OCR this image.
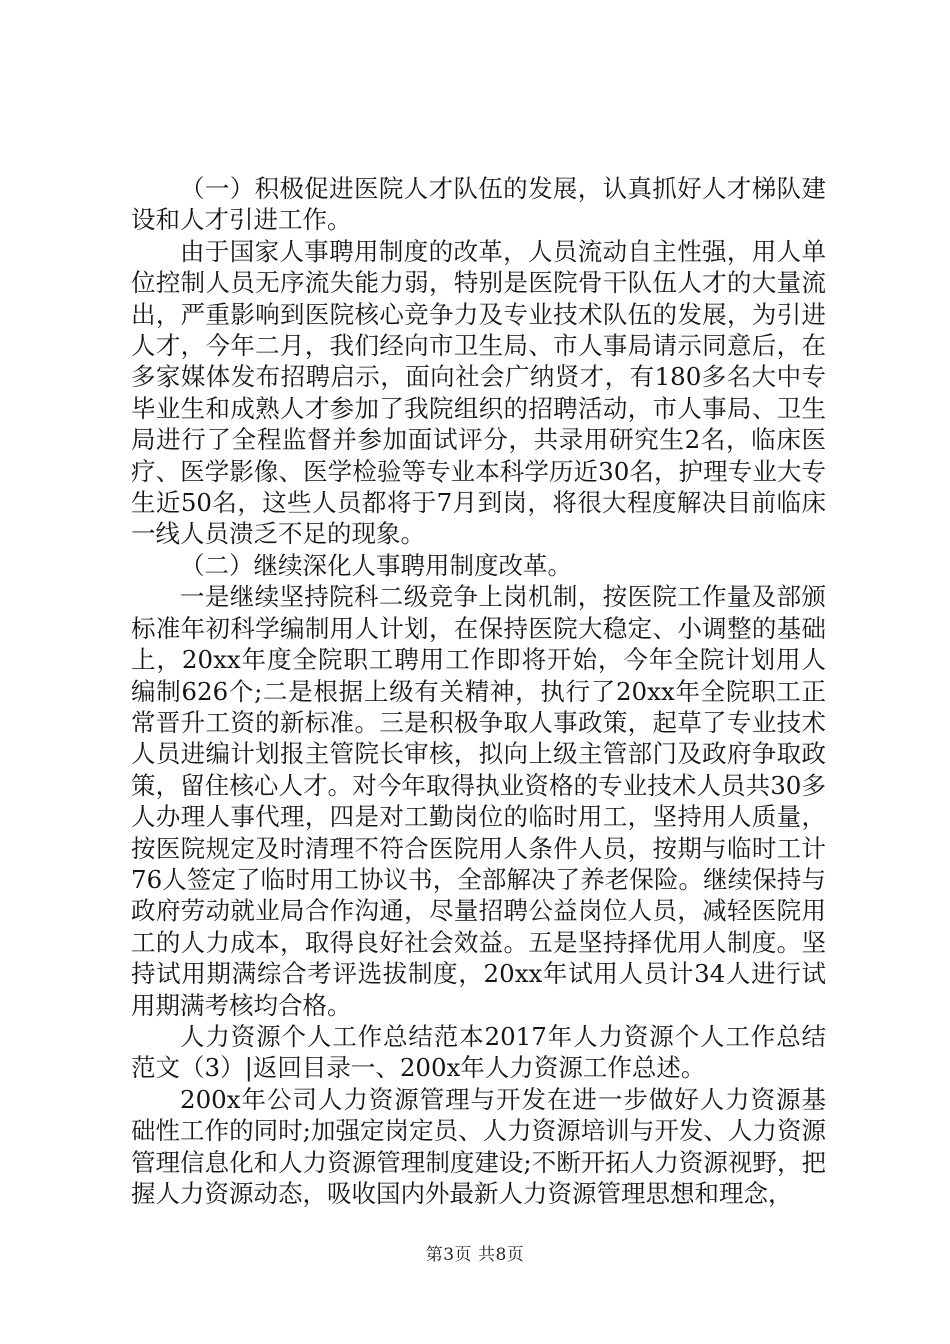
（一）积极促进医院人才队伍的发展，认真抓好人才梯队建设和人才引进工作。

由于国家人事聘用制度的改革，人员流动自主性强，用人单位控制人员无序流失能力弱，特别是医院骨干队伍人才的大量流出，严重影响到医院核心竞争力及专业技术队伍的发展，为引进人才，今年二月，我们经向市卫生局、市人事局请示同意后，在多家媒体发布招聘启示，面向社会广纳贤才，有180多名大中专毕业生和成熟人才参加了我院组织的招聘活动，市人事局、卫生局进行了全程监督并参加面试评分，共录用研究生2名，临床医疗、医学影像、医学检验等专业本科学历近30名，护理专业大专生近50名，这些人员都将于7月到岗，将很大程度解决目前临床一线人员溃乏不足的现象。

（二）继续深化人事聘用制度改革。

一是继续坚持院科二级竞争上岗机制，按医院工作量及部颁标准年初科学编制用人计划，在保持医院大稳定、小调整的基础上，20xx年度全院职工聘用工作即将开始，今年全院计划用人编制626个;二是根据上级有关精神，执行了20xx年全院职工正常晋升工资的新标准。三是积极争取人事政策，起草了专业技术人员进编计划报主管院长审核，拟向上级主管部门及政府争取政策，留住核心人才。对今年取得执业资格的专业技术人员共30多人办理人事代理，四是对工勤岗位的临时用工，坚持用人质量，按医院规定及时清理不符合医院用人条件人员，按期与临时工计76人签定了临时用工协议书，全部解决了养老保险。继续保持与政府劳动就业局合作沟通，尽量招聘公益岗位人员，减轻医院用工的人力成本，取得良好社会效益。五是坚持择优用人制度。坚持试用期满综合考评选拔制度，20xx年试用人员计34人进行试用期满考核均合格。

人力资源个人工作总结范本2017年人力资源个人工作总结范文（3）|返回目录一、200x年人力资源工作总述。

200x年公司人力资源管理与开发在进一步做好人力资源基础性工作的同时;加强定岗定员、人力资源培训与开发、人力资源管理信息化和人力资源管理制度建设;不断开拓人力资源视野，把握人力资源动态，吸收国内外最新人力资源管理思想和理念，

第3页 共8页
